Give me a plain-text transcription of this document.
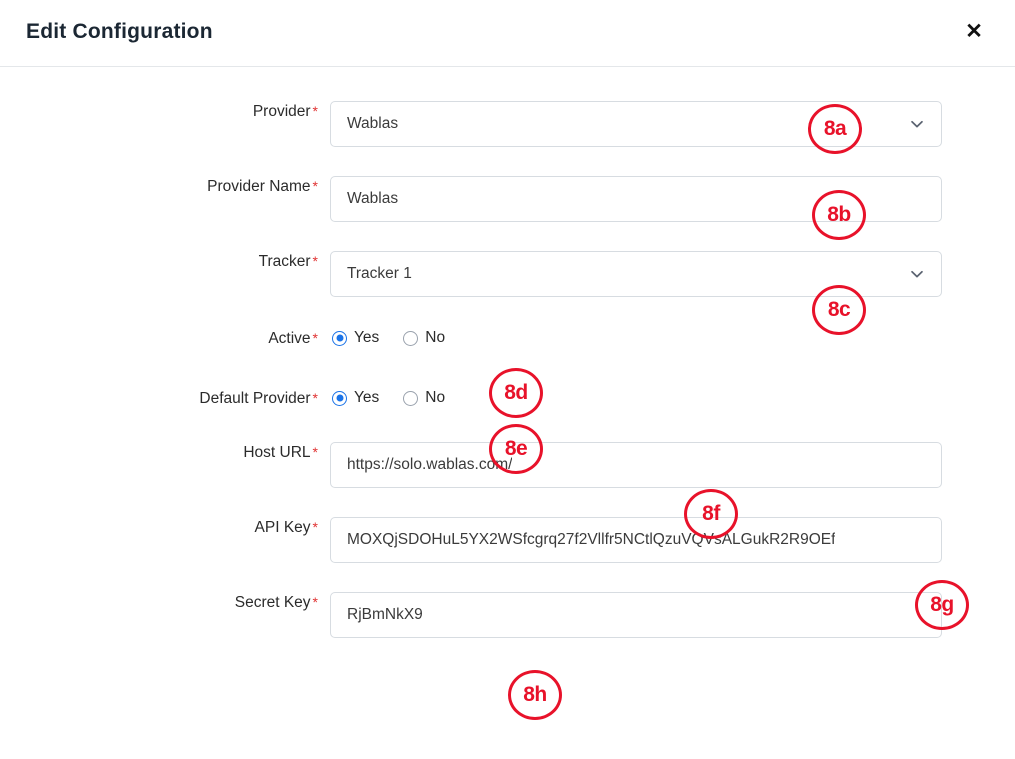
Edit Configuration	✕
Provider *
Wablas
Provider Name *
Wablas
Tracker *
Tracker 1
Active *	Yes	No
Default Provider *	Yes	No
Host URL *
https://solo.wablas.com/
API Key *
MOXQjSDOHuL5YX2WSfcgrq27f2Vllfr5NCtlQzuVQVsALGukR2R9OEf
Secret Key *
RjBmNkX9
8a
8b
8c
8d
8e
8f
8g
8h
